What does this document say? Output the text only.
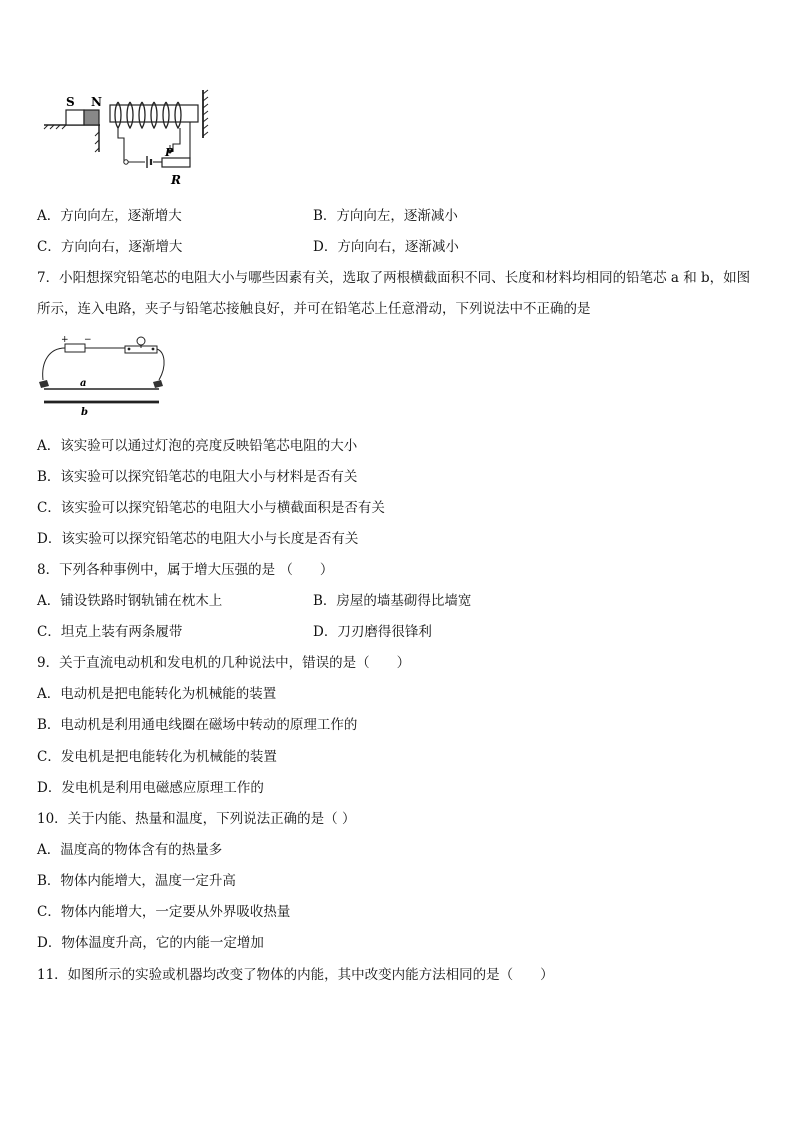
S N
P
R
A．方向向左，逐渐增大	B．方向向左，逐渐减小
C．方向向右，逐渐增大	D．方向向右，逐渐减小
7．小阳想探究铅笔芯的电阻大小与哪些因素有关，选取了两根横截面积不同、长度和材料均相同的铅笔芯 a 和 b，如图所示，连入电路，夹子与铅笔芯接触良好，并可在铅笔芯上任意滑动，下列说法中不正确的是
+ −
a
b
A．该实验可以通过灯泡的亮度反映铅笔芯电阻的大小
B．该实验可以探究铅笔芯的电阻大小与材料是否有关
C．该实验可以探究铅笔芯的电阻大小与横截面积是否有关
D．该实验可以探究铅笔芯的电阻大小与长度是否有关
8．下列各种事例中，属于增大压强的是 （　　）
A．铺设铁路时钢轨铺在枕木上	B．房屋的墙基砌得比墙宽
C．坦克上装有两条履带	D．刀刃磨得很锋利
9．关于直流电动机和发电机的几种说法中，错误的是（　　）
A．电动机是把电能转化为机械能的装置
B．电动机是利用通电线圈在磁场中转动的原理工作的
C．发电机是把电能转化为机械能的装置
D．发电机是利用电磁感应原理工作的
10．关于内能、热量和温度，下列说法正确的是（ ）
A．温度高的物体含有的热量多
B．物体内能增大，温度一定升高
C．物体内能增大，一定要从外界吸收热量
D．物体温度升高，它的内能一定增加
11．如图所示的实验或机器均改变了物体的内能，其中改变内能方法相同的是（　　）
